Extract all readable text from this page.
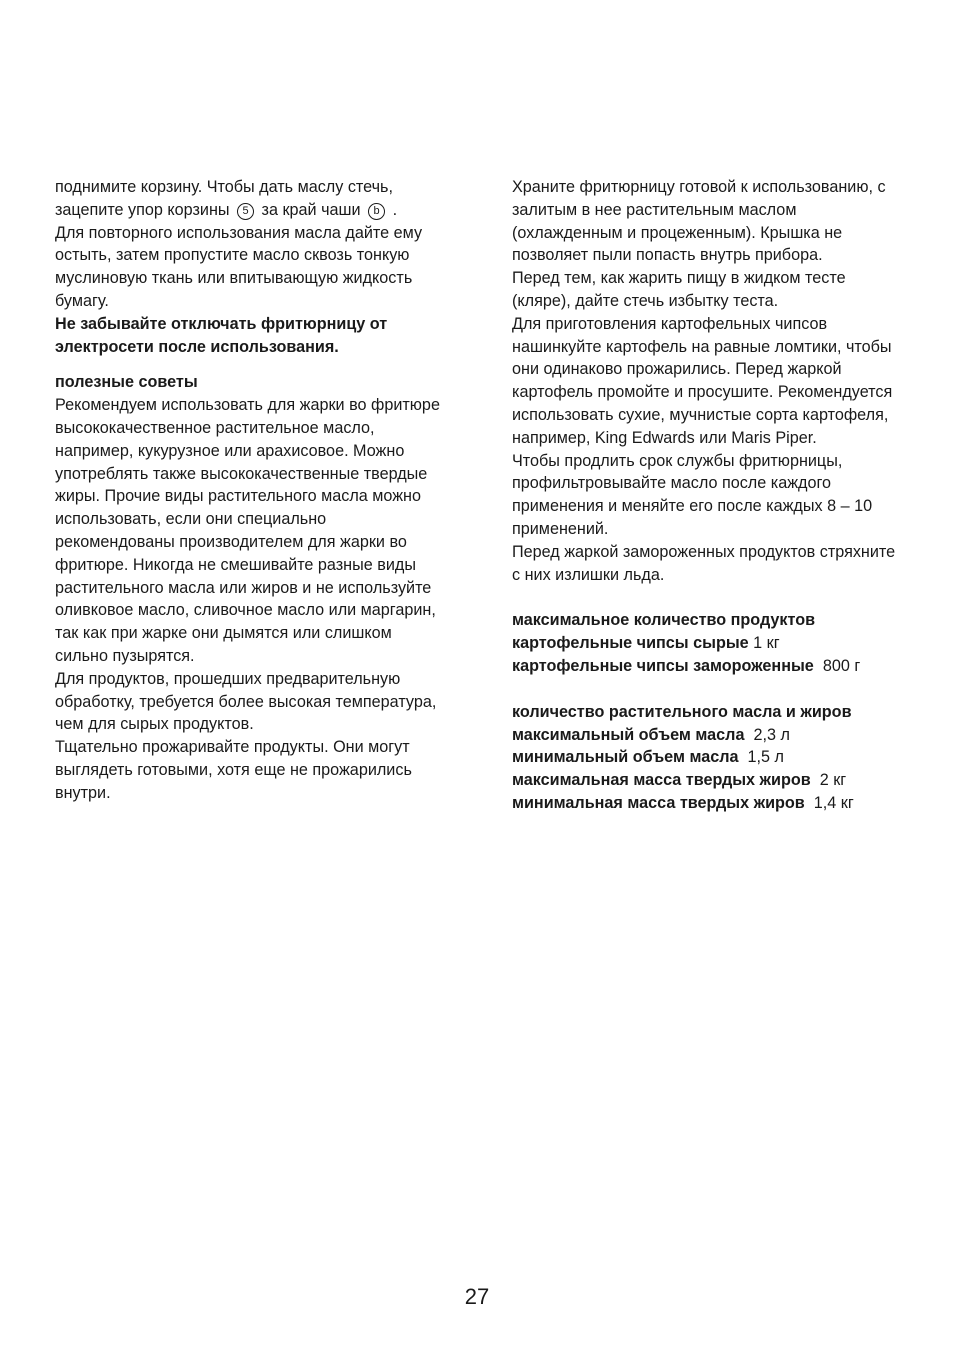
поднимите корзину. Чтобы дать маслу стечь,
зацепите упор корзины 5 за край чаши b .
Для повторного использования масла дайте ему
остыть, затем пропустите масло сквозь тонкую
муслиновую ткань или впитывающую жидкость
бумагу.
Не забывайте отключать фритюрницу от
электросети после использования.
полезные советы
Рекомендуем использовать для жарки во фритюре
высококачественное растительное масло,
например, кукурузное или арахисовое. Можно
употреблять также высококачественные твердые
жиры. Прочие виды растительного масла можно
использовать, если они специально
рекомендованы производителем для жарки во
фритюре. Никогда не смешивайте разные виды
растительного масла или жиров и не используйте
оливковое масло, сливочное масло или маргарин,
так как при жарке они дымятся или слишком
сильно пузырятся.
Для продуктов, прошедших предварительную
обработку, требуется более высокая температура,
чем для сырых продуктов.
Тщательно прожаривайте продукты. Они могут
выглядеть готовыми, хотя еще не прожарились
внутри.
Храните фритюрницу готовой к использованию, с
залитым в нее растительным маслом
(охлажденным и процеженным). Крышка не
позволяет пыли попасть внутрь прибора.
Перед тем, как жарить пищу в жидком тесте
(кляре), дайте стечь избытку теста.
Для приготовления картофельных чипсов
нашинкуйте картофель на равные ломтики, чтобы
они одинаково прожарились. Перед жаркой
картофель промойте и просушите. Рекомендуется
использовать сухие, мучнистые сорта картофеля,
например, King Edwards или Maris Piper.
Чтобы продлить срок службы фритюрницы,
профильтровывайте масло после каждого
применения и меняйте его после каждых 8 – 10
применений.
Перед жаркой замороженных продуктов стряхните
с них излишки льда.
максимальное количество продуктов
картофельные чипсы сырые 1 кг
картофельные чипсы замороженные 800 г
количество растительного масла и жиров
максимальный объем масла 2,3 л
минимальный объем масла 1,5 л
максимальная масса твердых жиров 2 кг
минимальная масса твердых жиров 1,4 кг
27
